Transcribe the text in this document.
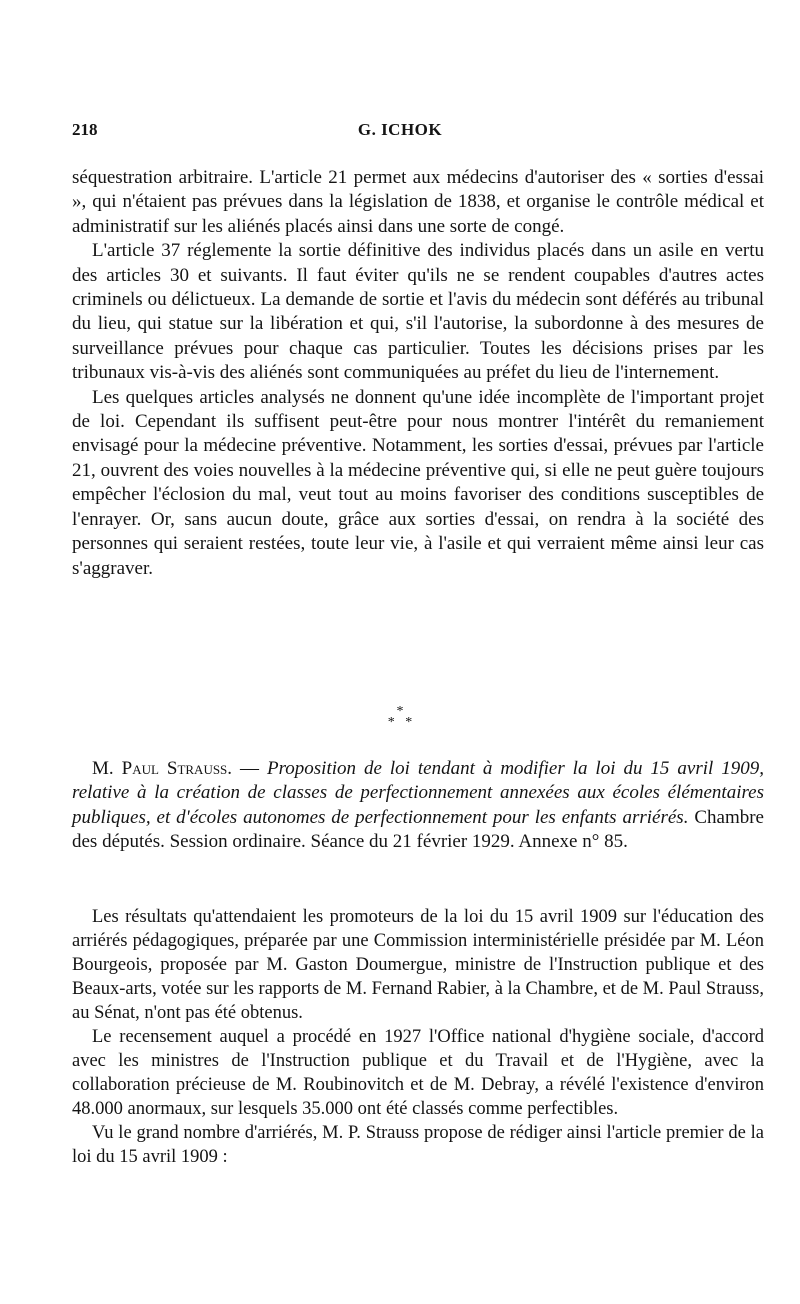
218	G. ICHOK

séquestration arbitraire. L'article 21 permet aux médecins d'autoriser des « sorties d'essai », qui n'étaient pas prévues dans la législation de 1838, et organise le contrôle médical et administratif sur les aliénés placés ainsi dans une sorte de congé.

L'article 37 réglemente la sortie définitive des individus placés dans un asile en vertu des articles 30 et suivants. Il faut éviter qu'ils ne se rendent coupables d'autres actes criminels ou délictueux. La demande de sortie et l'avis du médecin sont déférés au tribunal du lieu, qui statue sur la libération et qui, s'il l'autorise, la subordonne à des mesures de surveillance prévues pour chaque cas particulier. Toutes les décisions prises par les tribunaux vis-à-vis des aliénés sont communiquées au préfet du lieu de l'internement.

Les quelques articles analysés ne donnent qu'une idée incomplète de l'important projet de loi. Cependant ils suffisent peut-être pour nous montrer l'intérêt du remaniement envisagé pour la médecine préventive. Notamment, les sorties d'essai, prévues par l'article 21, ouvrent des voies nouvelles à la médecine préventive qui, si elle ne peut guère toujours empêcher l'éclosion du mal, veut tout au moins favoriser des conditions susceptibles de l'enrayer. Or, sans aucun doute, grâce aux sorties d'essai, on rendra à la société des personnes qui seraient restées, toute leur vie, à l'asile et qui verraient même ainsi leur cas s'aggraver.

*
*   *

M. Paul Strauss. — Proposition de loi tendant à modifier la loi du 15 avril 1909, relative à la création de classes de perfectionnement annexées aux écoles élémentaires publiques, et d'écoles autonomes de perfectionnement pour les enfants arriérés. Chambre des députés. Session ordinaire. Séance du 21 février 1929. Annexe n° 85.

Les résultats qu'attendaient les promoteurs de la loi du 15 avril 1909 sur l'éducation des arriérés pédagogiques, préparée par une Commission interministérielle présidée par M. Léon Bourgeois, proposée par M. Gaston Doumergue, ministre de l'Instruction publique et des Beaux-arts, votée sur les rapports de M. Fernand Rabier, à la Chambre, et de M. Paul Strauss, au Sénat, n'ont pas été obtenus.

Le recensement auquel a procédé en 1927 l'Office national d'hygiène sociale, d'accord avec les ministres de l'Instruction publique et du Travail et de l'Hygiène, avec la collaboration précieuse de M. Roubinovitch et de M. Debray, a révélé l'existence d'environ 48.000 anormaux, sur lesquels 35.000 ont été classés comme perfectibles.

Vu le grand nombre d'arriérés, M. P. Strauss propose de rédiger ainsi l'article premier de la loi du 15 avril 1909 :
